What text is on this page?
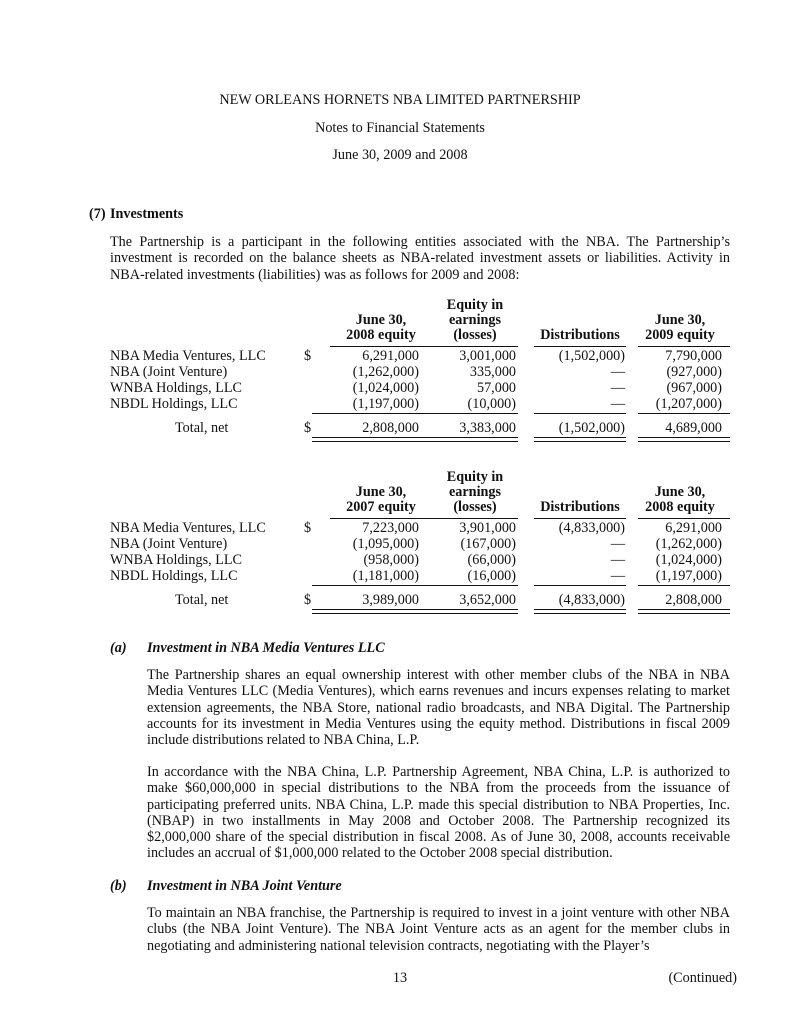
NEW ORLEANS HORNETS NBA LIMITED PARTNERSHIP
Notes to Financial Statements
June 30, 2009 and 2008
(7) Investments

The Partnership is a participant in the following entities associated with the NBA. The Partnership’s investment is recorded on the balance sheets as NBA-related investment assets or liabilities. Activity in NBA-related investments (liabilities) was as follows for 2009 and 2008:

June 30,
2008 equity
Equity in
earnings
(losses)	Distributions
June 30,
2009 equity
NBA Media Ventures, LLC	$	6,291,000	3,001,000	(1,502,000)	7,790,000
NBA (Joint Venture)	(1,262,000)	335,000	—	(927,000)
WNBA Holdings, LLC	(1,024,000)	57,000	—	(967,000)
NBDL Holdings, LLC	(1,197,000)	(10,000)	— (1,207,000)
Total, net	$	2,808,000	3,383,000	(1,502,000)	4,689,000
June 30,
2007 equity
Equity in
earnings
(losses)	Distributions
June 30,
2008 equity
NBA Media Ventures, LLC	$	7,223,000	3,901,000	(4,833,000)	6,291,000
NBA (Joint Venture)	(1,095,000)	(167,000)	— (1,262,000)
WNBA Holdings, LLC	(958,000)	(66,000)	— (1,024,000)
NBDL Holdings, LLC	(1,181,000)	(16,000)	— (1,197,000)
Total, net	$	3,989,000	3,652,000	(4,833,000)	2,808,000
(a) Investment in NBA Media Ventures LLC

The Partnership shares an equal ownership interest with other member clubs of the NBA in NBA Media Ventures LLC (Media Ventures), which earns revenues and incurs expenses relating to market extension agreements, the NBA Store, national radio broadcasts, and NBA Digital. The Partnership accounts for its investment in Media Ventures using the equity method. Distributions in fiscal 2009 include distributions related to NBA China, L.P.

In accordance with the NBA China, L.P. Partnership Agreement, NBA China, L.P. is authorized to make $60,000,000 in special distributions to the NBA from the proceeds from the issuance of participating preferred units. NBA China, L.P. made this special distribution to NBA Properties, Inc. (NBAP) in two installments in May 2008 and October 2008. The Partnership recognized its $2,000,000 share of the special distribution in fiscal 2008. As of June 30, 2008, accounts receivable includes an accrual of $1,000,000 related to the October 2008 special distribution.

(b) Investment in NBA Joint Venture

To maintain an NBA franchise, the Partnership is required to invest in a joint venture with other NBA clubs (the NBA Joint Venture). The NBA Joint Venture acts as an agent for the member clubs in negotiating and administering national television contracts, negotiating with the Player’s

13	(Continued)
